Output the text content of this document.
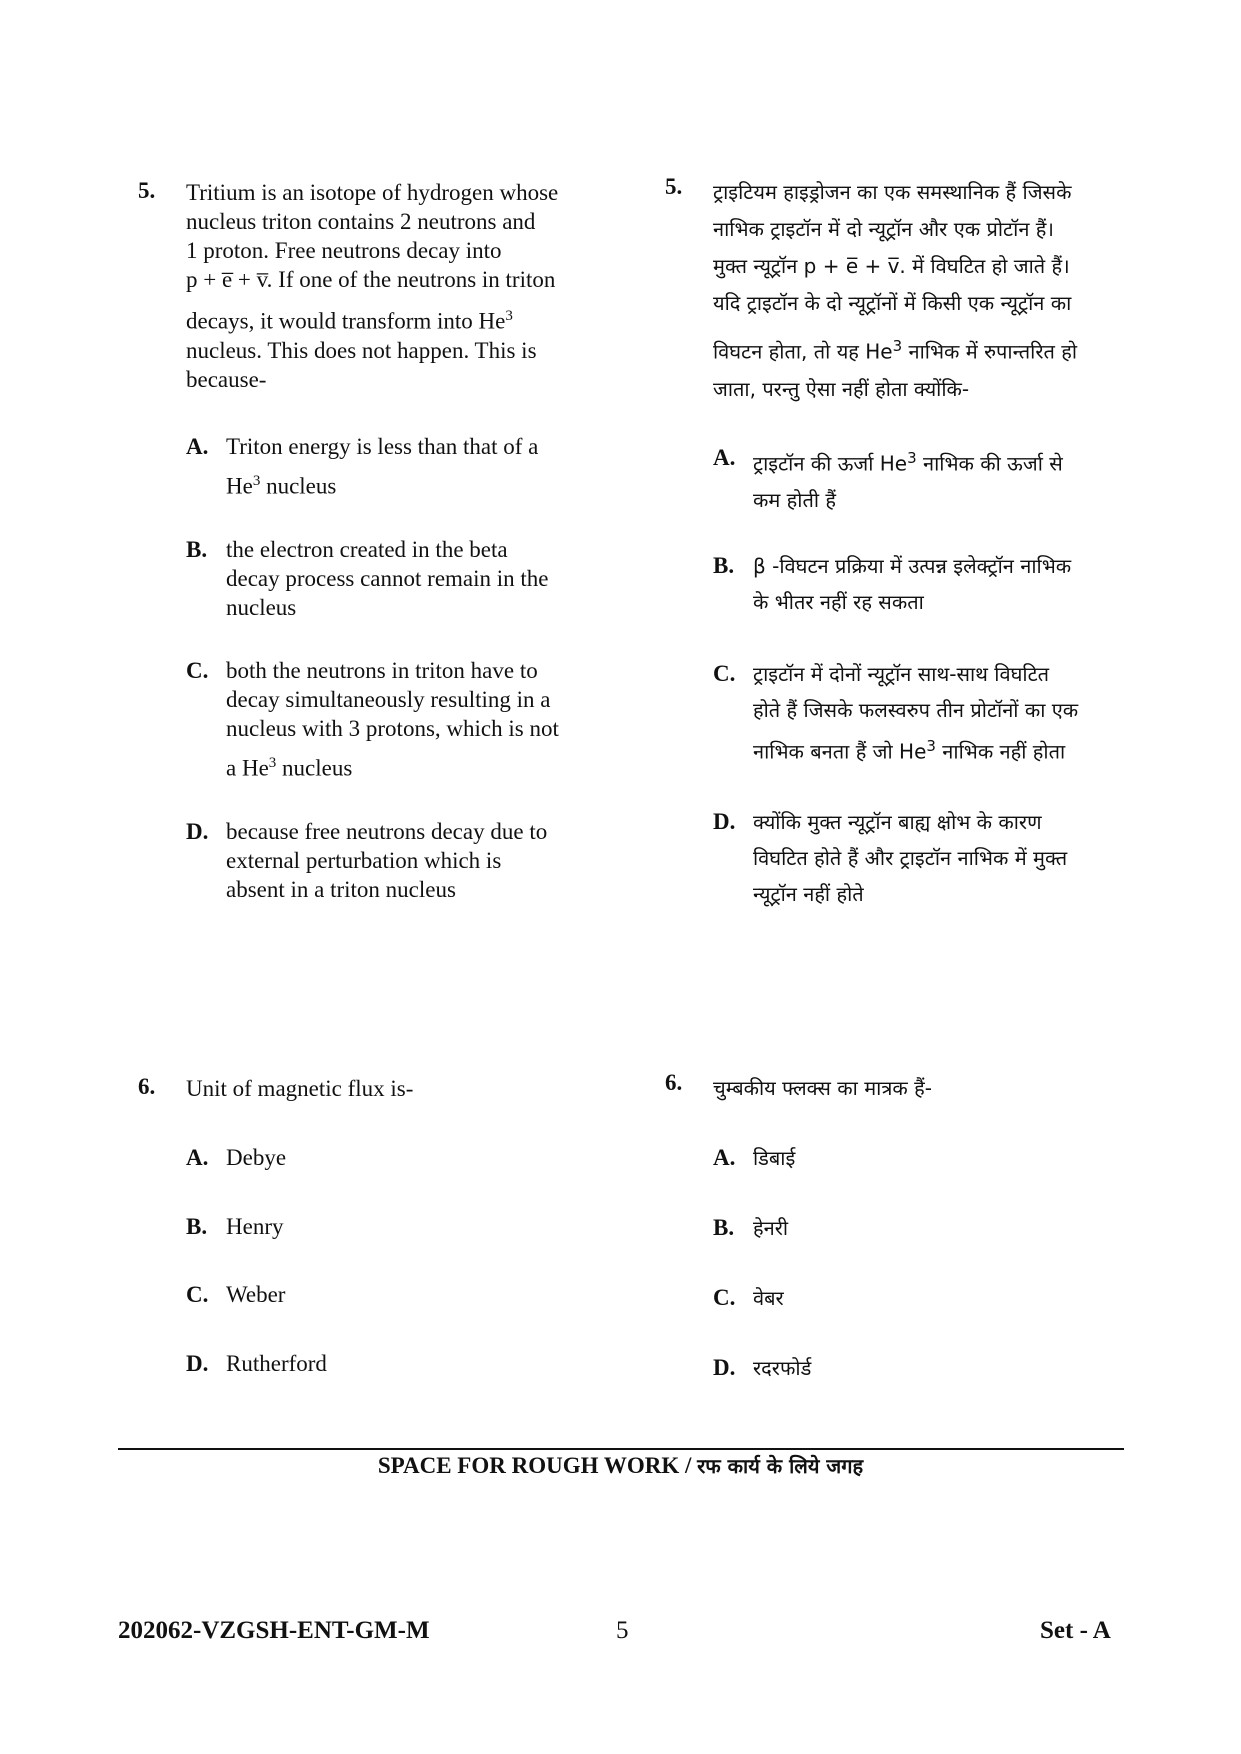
5. Tritium is an isotope of hydrogen whose
nucleus triton contains 2 neutrons and
1 proton. Free neutrons decay into
p + e̅ + v̅. If one of the neutrons in triton
decays, it would transform into He$^3$
nucleus. This does not happen. This is
because-
A. Triton energy is less than that of a
He$^3$ nucleus
B. the electron created in the beta
decay process cannot remain in the
nucleus
C. both the neutrons in triton have to
decay simultaneously resulting in a
nucleus with 3 protons, which is not
a He$^3$ nucleus
D. because free neutrons decay due to
external perturbation which is
absent in a triton nucleus
6. Unit of magnetic flux is-
A. Debye
B. Henry
C. Weber
D. Rutherford
5. ट्राइटियम हाइड्रोजन का एक समस्थानिक हैं जिसके
नाभिक ट्राइटॉन में दो न्यूट्रॉन और एक प्रोटॉन हैं।
मुक्त न्यूट्रॉन p + e̅ + v̅. में विघटित हो जाते हैं।
यदि ट्राइटॉन के दो न्यूट्रॉनों में किसी एक न्यूट्रॉन का
विघटन होता, तो यह He$^3$ नाभिक में रुपान्तरित हो
जाता, परन्तु ऐसा नहीं होता क्योंकि-
A. ट्राइटॉन की ऊर्जा He$^3$ नाभिक की ऊर्जा से
कम होती हैं
B. β -विघटन प्रक्रिया में उत्पन्न इलेक्ट्रॉन नाभिक
के भीतर नहीं रह सकता
C. ट्राइटॉन में दोनों न्यूट्रॉन साथ-साथ विघटित
होते हैं जिसके फलस्वरुप तीन प्रोटॉनों का एक
नाभिक बनता हैं जो He$^3$ नाभिक नहीं होता
D. क्योंकि मुक्त न्यूट्रॉन बाह्य क्षोभ के कारण
विघटित होते हैं और ट्राइटॉन नाभिक में मुक्त
न्यूट्रॉन नहीं होते
6. चुम्बकीय फ्लक्स का मात्रक हैं-
A. डिबाई
B. हेनरी
C. वेबर
D. रदरफोर्ड
SPACE FOR ROUGH WORK / रफ कार्य के लिये जगह
202062-VZGSH-ENT-GM-M	5	Set - A
